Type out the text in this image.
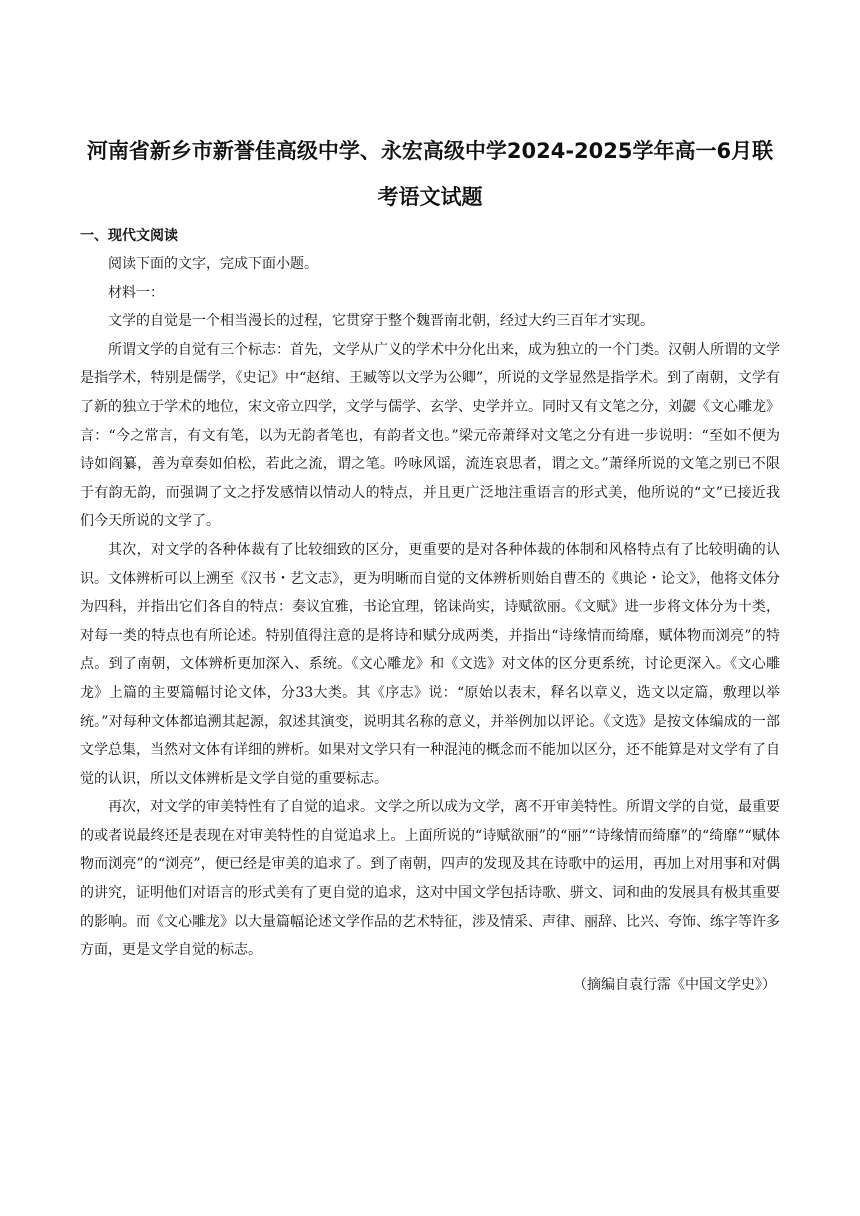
河南省新乡市新誉佳高级中学、永宏高级中学2024-2025学年高一6月联考语文试题
一、现代文阅读

阅读下面的文字，完成下面小题。

材料一：

文学的自觉是一个相当漫长的过程，它贯穿于整个魏晋南北朝，经过大约三百年才实现。

所谓文学的自觉有三个标志：首先，文学从广义的学术中分化出来，成为独立的一个门类。汉朝人所谓的文学是指学术，特别是儒学，《史记》中“赵绾、王臧等以文学为公卿”，所说的文学显然是指学术。到了南朝，文学有了新的独立于学术的地位，宋文帝立四学，文学与儒学、玄学、史学并立。同时又有文笔之分，刘勰《文心雕龙》言：“今之常言，有文有笔，以为无韵者笔也，有韵者文也。”梁元帝萧绎对文笔之分有进一步说明：“至如不便为诗如阎纂，善为章奏如伯松，若此之流，谓之笔。吟咏风谣，流连哀思者，谓之文。”萧绎所说的文笔之别已不限于有韵无韵，而强调了文之抒发感情以情动人的特点，并且更广泛地注重语言的形式美，他所说的“文”已接近我们今天所说的文学了。

其次，对文学的各种体裁有了比较细致的区分，更重要的是对各种体裁的体制和风格特点有了比较明确的认识。文体辨析可以上溯至《汉书・艺文志》，更为明晰而自觉的文体辨析则始自曹丕的《典论・论文》，他将文体分为四科，并指出它们各自的特点：奏议宜雅，书论宜理，铭诔尚实，诗赋欲丽。《文赋》进一步将文体分为十类，对每一类的特点也有所论述。特别值得注意的是将诗和赋分成两类，并指出“诗缘情而绮靡，赋体物而浏亮”的特点。到了南朝，文体辨析更加深入、系统。《文心雕龙》和《文选》对文体的区分更系统，讨论更深入。《文心雕龙》上篇的主要篇幅讨论文体，分33大类。其《序志》说：“原始以表末，释名以章义，选文以定篇，敷理以举统。”对每种文体都追溯其起源，叙述其演变，说明其名称的意义，并举例加以评论。《文选》是按文体编成的一部文学总集，当然对文体有详细的辨析。如果对文学只有一种混沌的概念而不能加以区分，还不能算是对文学有了自觉的认识，所以文体辨析是文学自觉的重要标志。

再次，对文学的审美特性有了自觉的追求。文学之所以成为文学，离不开审美特性。所谓文学的自觉，最重要的或者说最终还是表现在对审美特性的自觉追求上。上面所说的“诗赋欲丽”的“丽”“诗缘情而绮靡”的“绮靡”“赋体物而浏亮”的“浏亮”，便已经是审美的追求了。到了南朝，四声的发现及其在诗歌中的运用，再加上对用事和对偶的讲究，证明他们对语言的形式美有了更自觉的追求，这对中国文学包括诗歌、骈文、词和曲的发展具有极其重要的影响。而《文心雕龙》以大量篇幅论述文学作品的艺术特征，涉及情采、声律、丽辞、比兴、夸饰、练字等许多方面，更是文学自觉的标志。

（摘编自袁行霈《中国文学史》）
